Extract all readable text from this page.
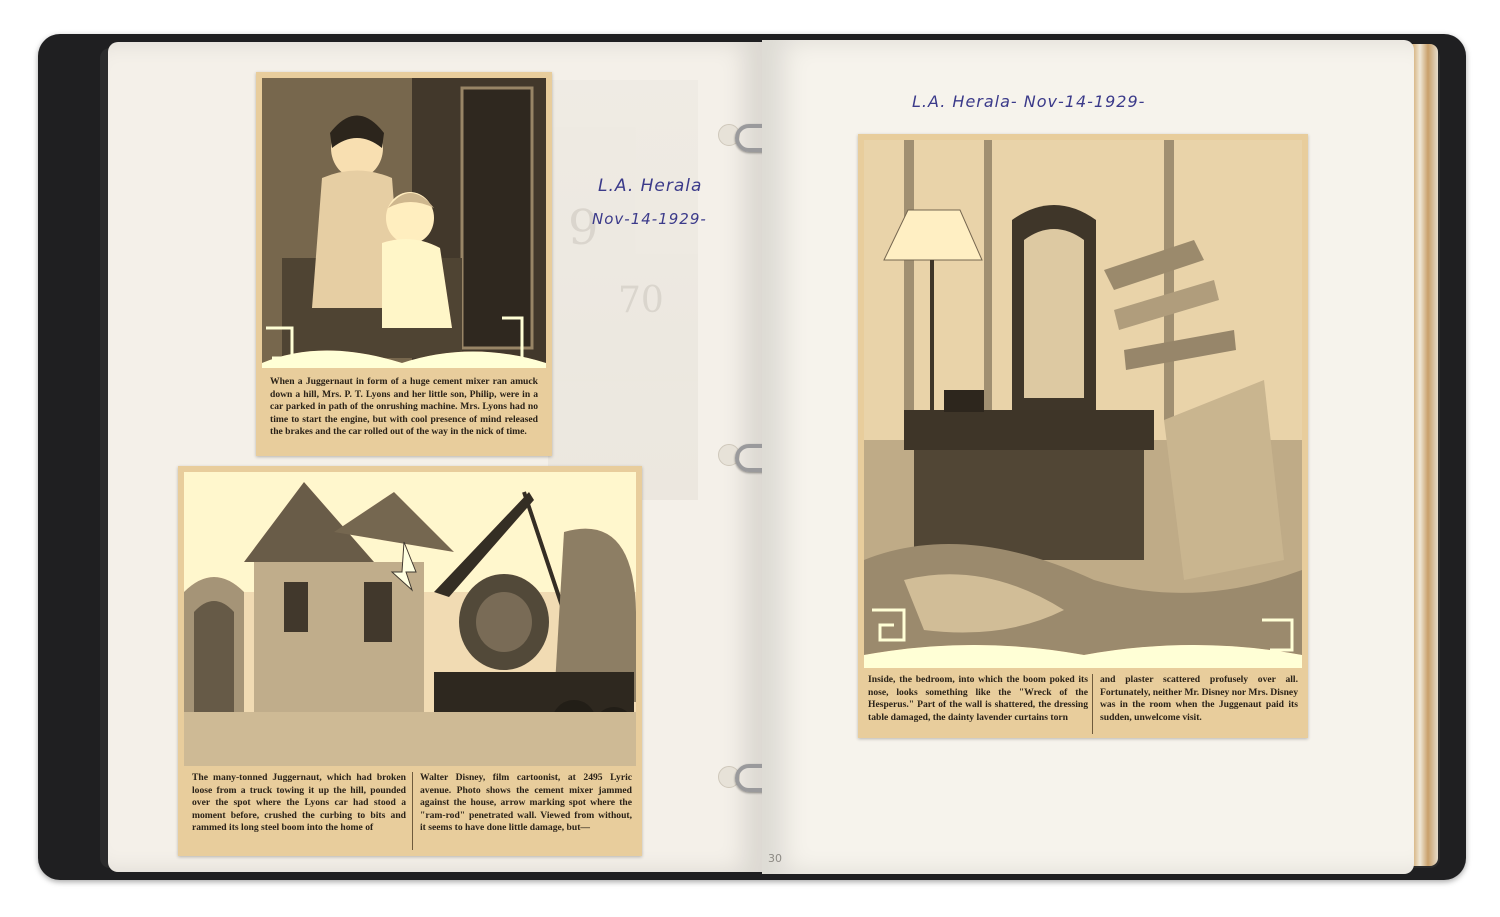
9
70

When a Juggernaut in form of a huge cement mixer ran amuck down a hill, Mrs. P. T. Lyons and her little son, Philip, were in a car parked in path of the onrushing machine. Mrs. Lyons had no time to start the engine, but with cool presence of mind released the brakes and the car rolled out of the way in the nick of time.

L.A. Herala
Nov-14-1929-

The many-tonned Juggernaut, which had broken loose from a truck towing it up the hill, pounded over the spot where the Lyons car had stood a moment before, crushed the curbing to bits and rammed its long steel boom into the home of

Walter Disney, film cartoonist, at 2495 Lyric avenue. Photo shows the cement mixer jammed against the house, arrow marking spot where the "ram-rod" penetrated wall. Viewed from without, it seems to have done little damage, but—

L.A. Herala- Nov-14-1929-

Inside, the bedroom, into which the boom poked its nose, looks something like the "Wreck of the Hesperus." Part of the wall is shattered, the dressing table damaged, the dainty lavender curtains torn

and plaster scattered profusely over all. Fortunately, neither Mr. Disney nor Mrs. Disney was in the room when the Juggenaut paid its sudden, unwelcome visit.

30
